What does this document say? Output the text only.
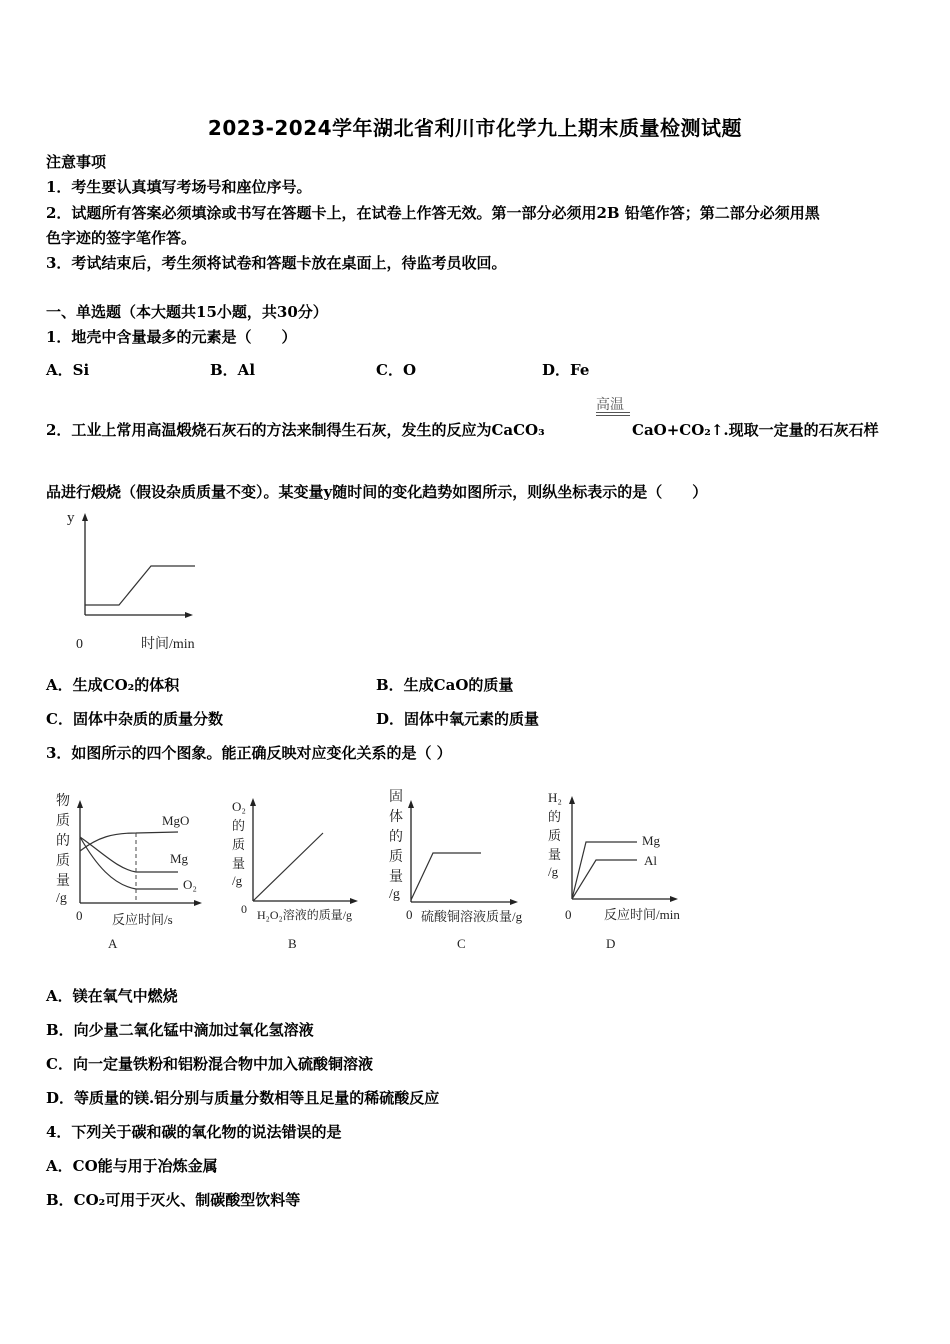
2023-2024学年湖北省利川市化学九上期末质量检测试题
注意事项
1．考生要认真填写考场号和座位序号。
2．试题所有答案必须填涂或书写在答题卡上，在试卷上作答无效。第一部分必须用2B 铅笔作答；第二部分必须用黑
色字迹的签字笔作答。
3．考试结束后，考生须将试卷和答题卡放在桌面上，待监考员收回。
一、单选题（本大题共15小题，共30分）
1．地壳中含量最多的元素是（　　）
A．Si	B．Al	C．O	D．Fe
2．工业上常用高温煅烧石灰石的方法来制得生石灰，发生的反应为CaCO₃
高温
CaO+CO₂↑.现取一定量的石灰石样
品进行煅烧（假设杂质质量不变）。某变量y随时间的变化趋势如图所示，则纵坐标表示的是（　　）
y
0	时间/min
A．生成CO₂的体积	B．生成CaO的质量
C．固体中杂质的质量分数	D．固体中氧元素的质量
3．如图所示的四个图象。能正确反映对应变化关系的是（ ）
物 质 的 质 量 /g
MgO
Mg
O₂
0 反应时间/s
A
O₂ 的 质 量 /g
0 H₂O₂溶液的质量/g
B
固 体 的 质 量 /g
0 硫酸铜溶液质量/g
C
H₂ 的 质 量 /g
Mg
Al
0	反应时间/min
D
A．镁在氧气中燃烧
B．向少量二氧化锰中滴加过氧化氢溶液
C．向一定量铁粉和铝粉混合物中加入硫酸铜溶液
D．等质量的镁.铝分别与质量分数相等且足量的稀硫酸反应
4．下列关于碳和碳的氧化物的说法错误的是
A．CO能与用于冶炼金属
B．CO₂可用于灭火、制碳酸型饮料等
